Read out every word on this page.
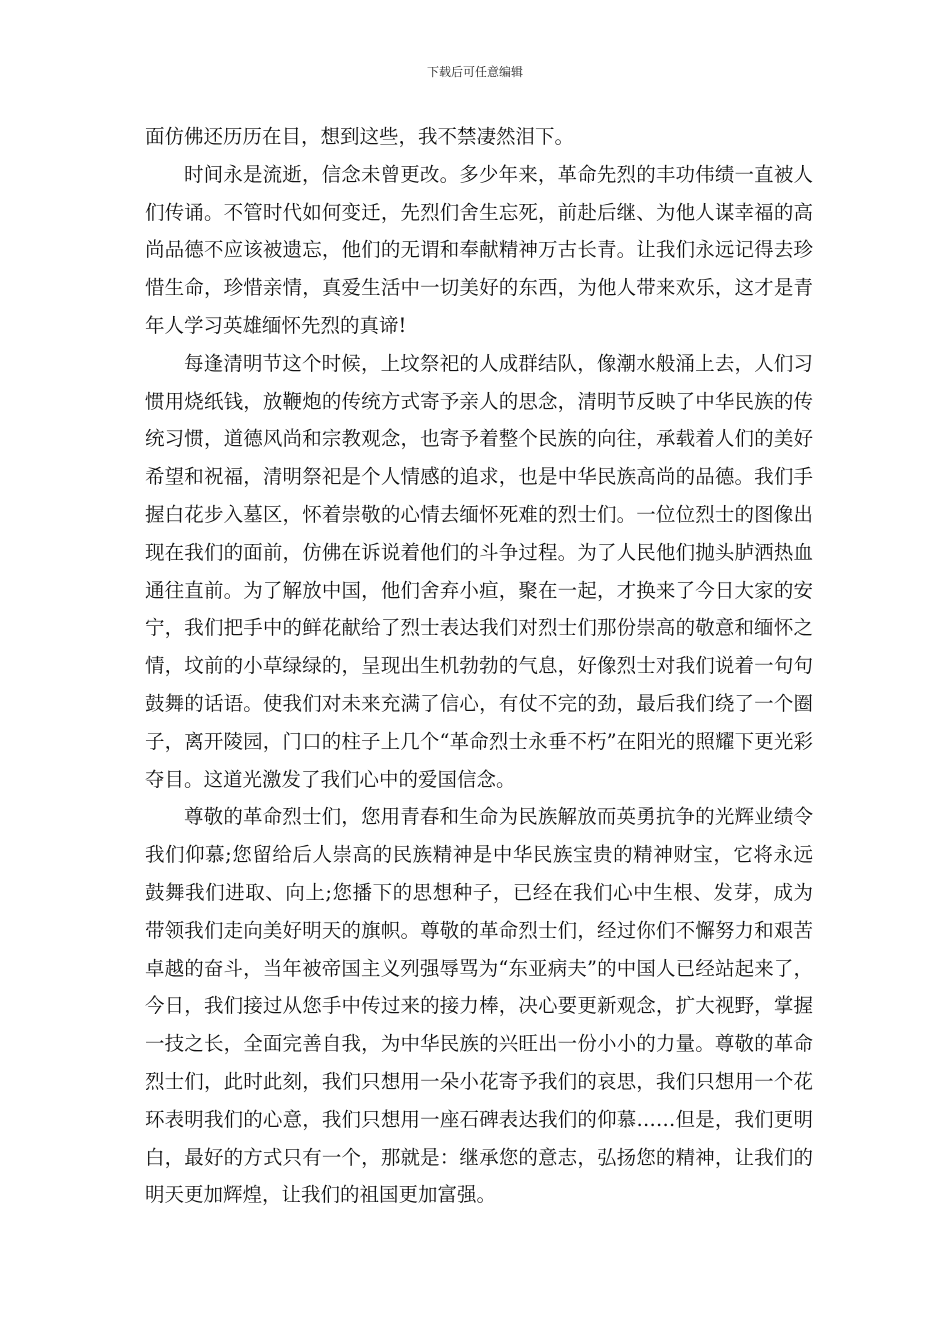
下载后可任意编辑

面仿佛还历历在目，想到这些，我不禁凄然泪下。

时间永是流逝，信念未曾更改。多少年来，革命先烈的丰功伟绩一直被人们传诵。不管时代如何变迁，先烈们舍生忘死，前赴后继、为他人谋幸福的高尚品德不应该被遗忘，他们的无谓和奉献精神万古长青。让我们永远记得去珍惜生命，珍惜亲情，真爱生活中一切美好的东西，为他人带来欢乐，这才是青年人学习英雄缅怀先烈的真谛!

每逢清明节这个时候，上坟祭祀的人成群结队，像潮水般涌上去，人们习惯用烧纸钱，放鞭炮的传统方式寄予亲人的思念，清明节反映了中华民族的传统习惯，道德风尚和宗教观念，也寄予着整个民族的向往，承载着人们的美好希望和祝福，清明祭祀是个人情感的追求，也是中华民族高尚的品德。我们手握白花步入墓区，怀着崇敬的心情去缅怀死难的烈士们。一位位烈士的图像出现在我们的面前，仿佛在诉说着他们的斗争过程。为了人民他们抛头胪洒热血通往直前。为了解放中国，他们舍弃小疸，聚在一起，才换来了今日大家的安宁，我们把手中的鲜花献给了烈士表达我们对烈士们那份崇高的敬意和缅怀之情，坟前的小草绿绿的，呈现出生机勃勃的气息，好像烈士对我们说着一句句鼓舞的话语。使我们对未来充满了信心，有仗不完的劲，最后我们绕了一个圈子，离开陵园，门口的柱子上几个“革命烈士永垂不朽”在阳光的照耀下更光彩夺目。这道光激发了我们心中的爱国信念。

尊敬的革命烈士们，您用青春和生命为民族解放而英勇抗争的光辉业绩令我们仰慕;您留给后人崇高的民族精神是中华民族宝贵的精神财宝，它将永远鼓舞我们进取、向上;您播下的思想种子，已经在我们心中生根、发芽，成为带领我们走向美好明天的旗帜。尊敬的革命烈士们，经过你们不懈努力和艰苦卓越的奋斗，当年被帝国主义列强辱骂为“东亚病夫”的中国人已经站起来了，今日，我们接过从您手中传过来的接力棒，决心要更新观念，扩大视野，掌握一技之长，全面完善自我，为中华民族的兴旺出一份小小的力量。尊敬的革命烈士们，此时此刻，我们只想用一朵小花寄予我们的哀思，我们只想用一个花环表明我们的心意，我们只想用一座石碑表达我们的仰慕……但是，我们更明白，最好的方式只有一个，那就是：继承您的意志，弘扬您的精神，让我们的明天更加辉煌，让我们的祖国更加富强。
